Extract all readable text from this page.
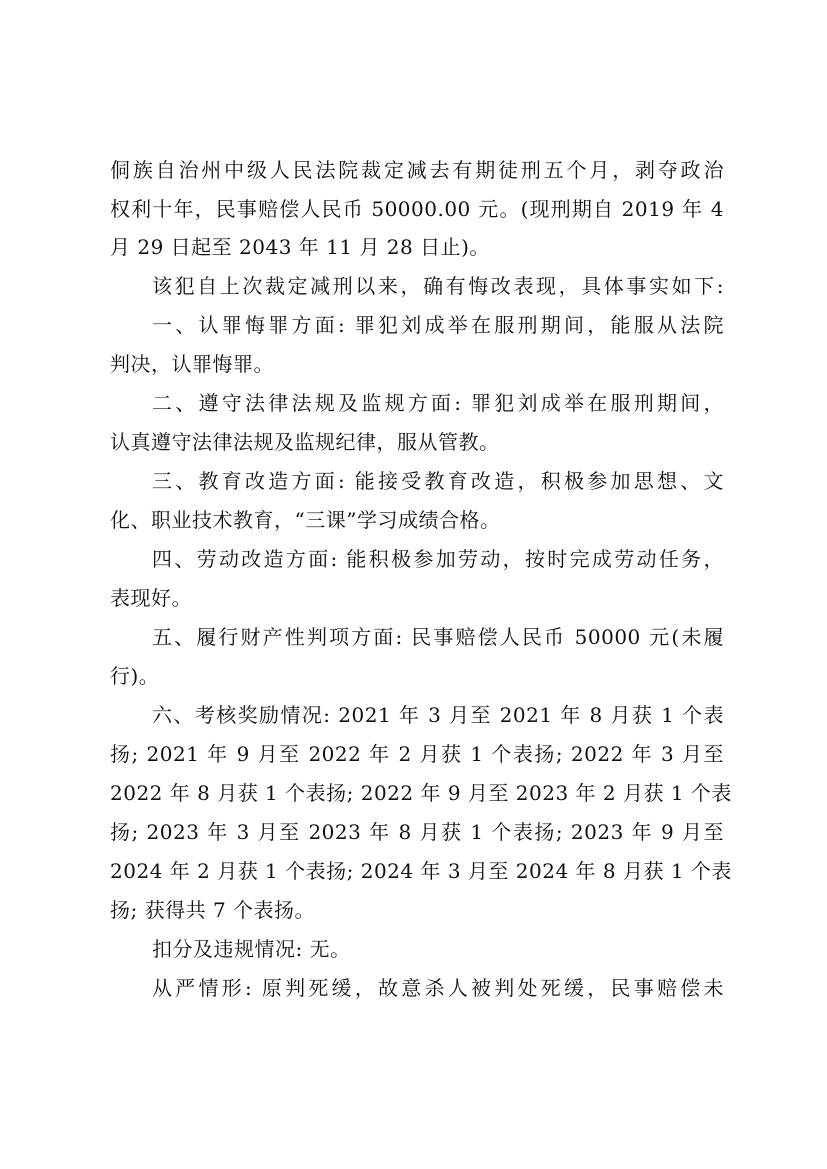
侗族自治州中级人民法院裁定减去有期徒刑五个月，剥夺政治

权利十年，民事赔偿人民币 50000.00 元。(现刑期自 2019 年 4

月 29 日起至 2043 年 11 月 28 日止)。

该犯自上次裁定减刑以来，确有悔改表现，具体事实如下:

一、认罪悔罪方面: 罪犯刘成举在服刑期间，能服从法院

判决，认罪悔罪。

二、遵守法律法规及监规方面: 罪犯刘成举在服刑期间，

认真遵守法律法规及监规纪律，服从管教。

三、教育改造方面: 能接受教育改造，积极参加思想、文

化、职业技术教育，“三课”学习成绩合格。

四、劳动改造方面: 能积极参加劳动，按时完成劳动任务，

表现好。

五、履行财产性判项方面: 民事赔偿人民币 50000 元(未履

行)。

六、考核奖励情况: 2021 年 3 月至 2021 年 8 月获 1 个表

扬; 2021 年 9 月至 2022 年 2 月获 1 个表扬; 2022 年 3 月至

2022 年 8 月获 1 个表扬; 2022 年 9 月至 2023 年 2 月获 1 个表

扬; 2023 年 3 月至 2023 年 8 月获 1 个表扬; 2023 年 9 月至

2024 年 2 月获 1 个表扬; 2024 年 3 月至 2024 年 8 月获 1 个表

扬; 获得共 7 个表扬。

扣分及违规情况: 无。

从严情形: 原判死缓，故意杀人被判处死缓，民事赔偿未
